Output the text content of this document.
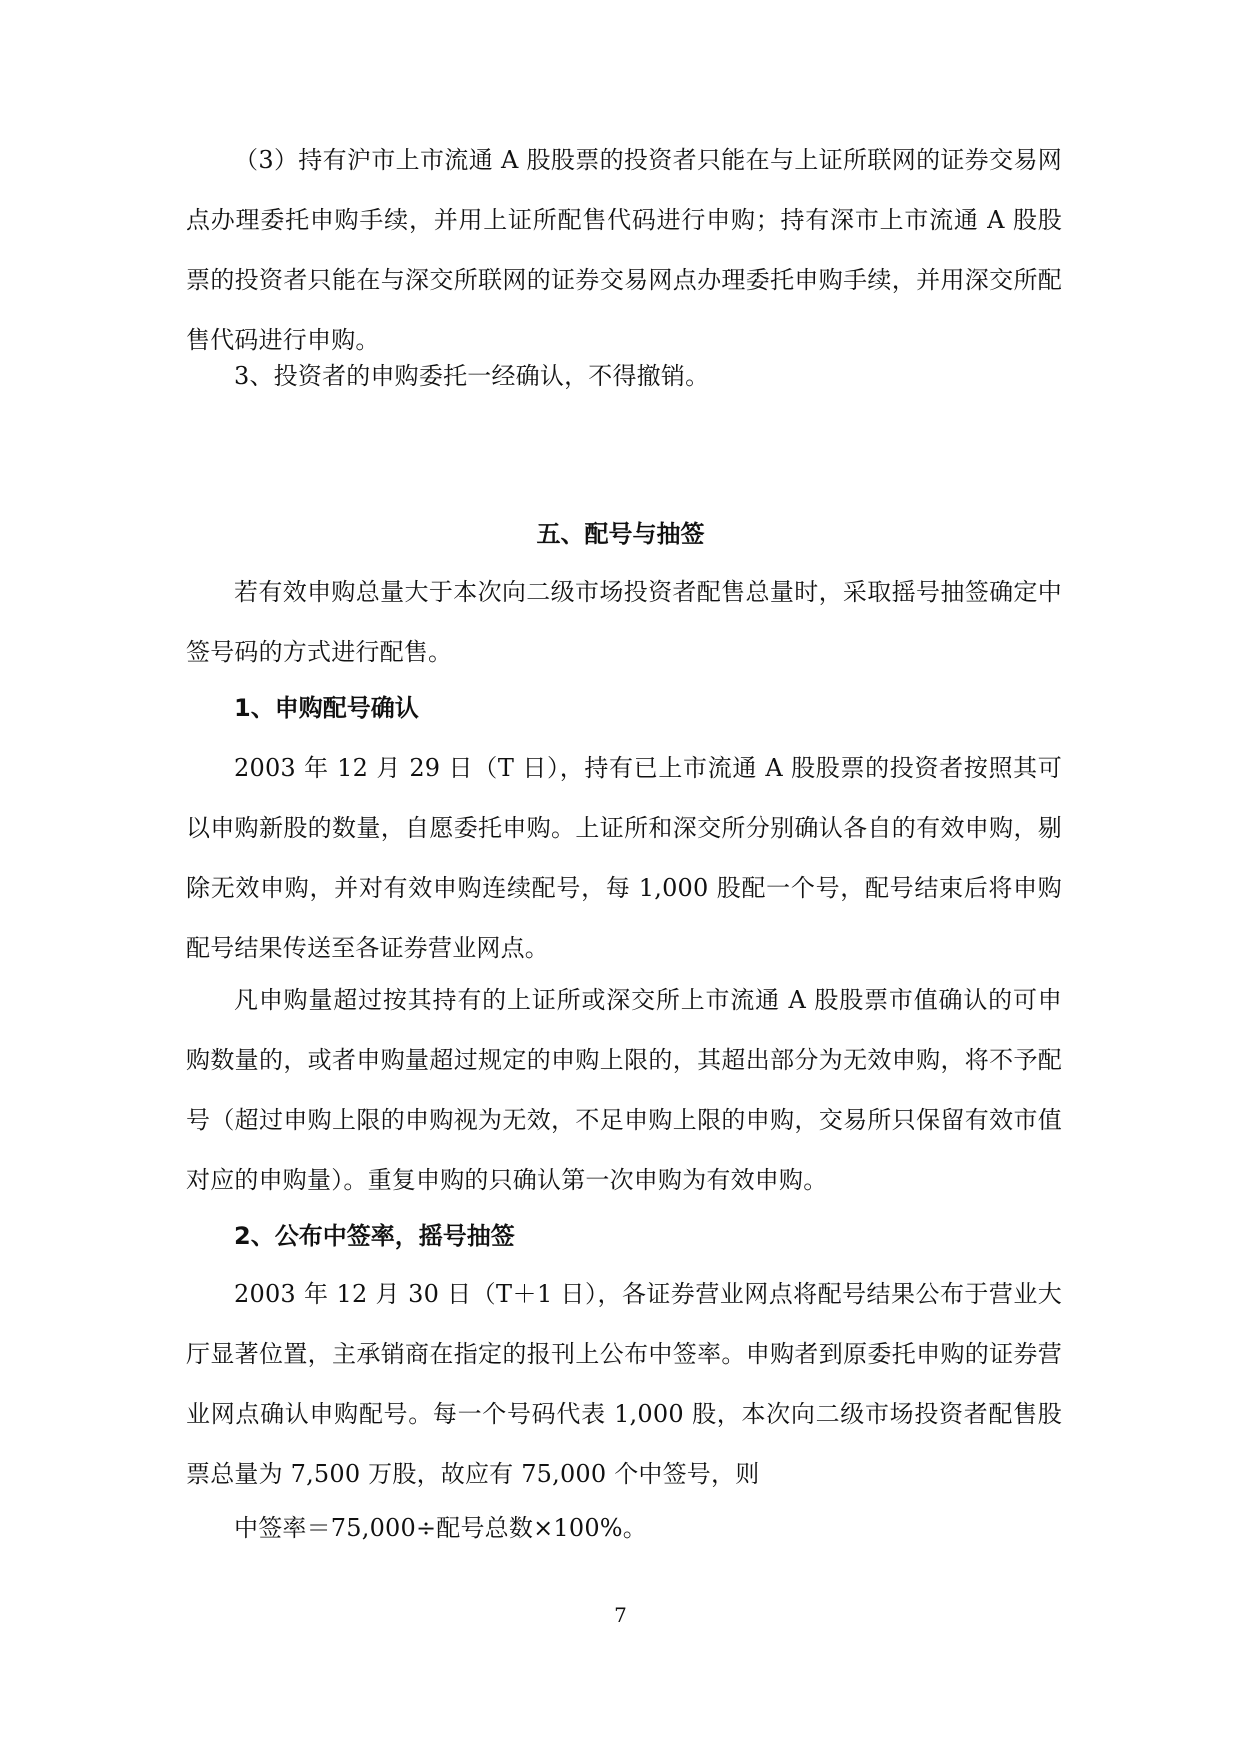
（3）持有沪市上市流通 A 股股票的投资者只能在与上证所联网的证券交易网点办理委托申购手续，并用上证所配售代码进行申购；持有深市上市流通 A 股股票的投资者只能在与深交所联网的证券交易网点办理委托申购手续，并用深交所配售代码进行申购。

3、投资者的申购委托一经确认，不得撤销。

五、配号与抽签

若有效申购总量大于本次向二级市场投资者配售总量时，采取摇号抽签确定中签号码的方式进行配售。

1、申购配号确认

2003 年 12 月 29 日（T 日），持有已上市流通 A 股股票的投资者按照其可以申购新股的数量，自愿委托申购。上证所和深交所分别确认各自的有效申购，剔除无效申购，并对有效申购连续配号，每 1,000 股配一个号，配号结束后将申购配号结果传送至各证券营业网点。

凡申购量超过按其持有的上证所或深交所上市流通 A 股股票市值确认的可申购数量的，或者申购量超过规定的申购上限的，其超出部分为无效申购，将不予配号（超过申购上限的申购视为无效，不足申购上限的申购，交易所只保留有效市值对应的申购量）。重复申购的只确认第一次申购为有效申购。

2、公布中签率，摇号抽签

2003 年 12 月 30 日（T＋1 日），各证券营业网点将配号结果公布于营业大厅显著位置，主承销商在指定的报刊上公布中签率。申购者到原委托申购的证券营业网点确认申购配号。每一个号码代表 1,000 股，本次向二级市场投资者配售股票总量为 7,500 万股，故应有 75,000 个中签号，则

中签率＝75,000÷配号总数×100%。

7
